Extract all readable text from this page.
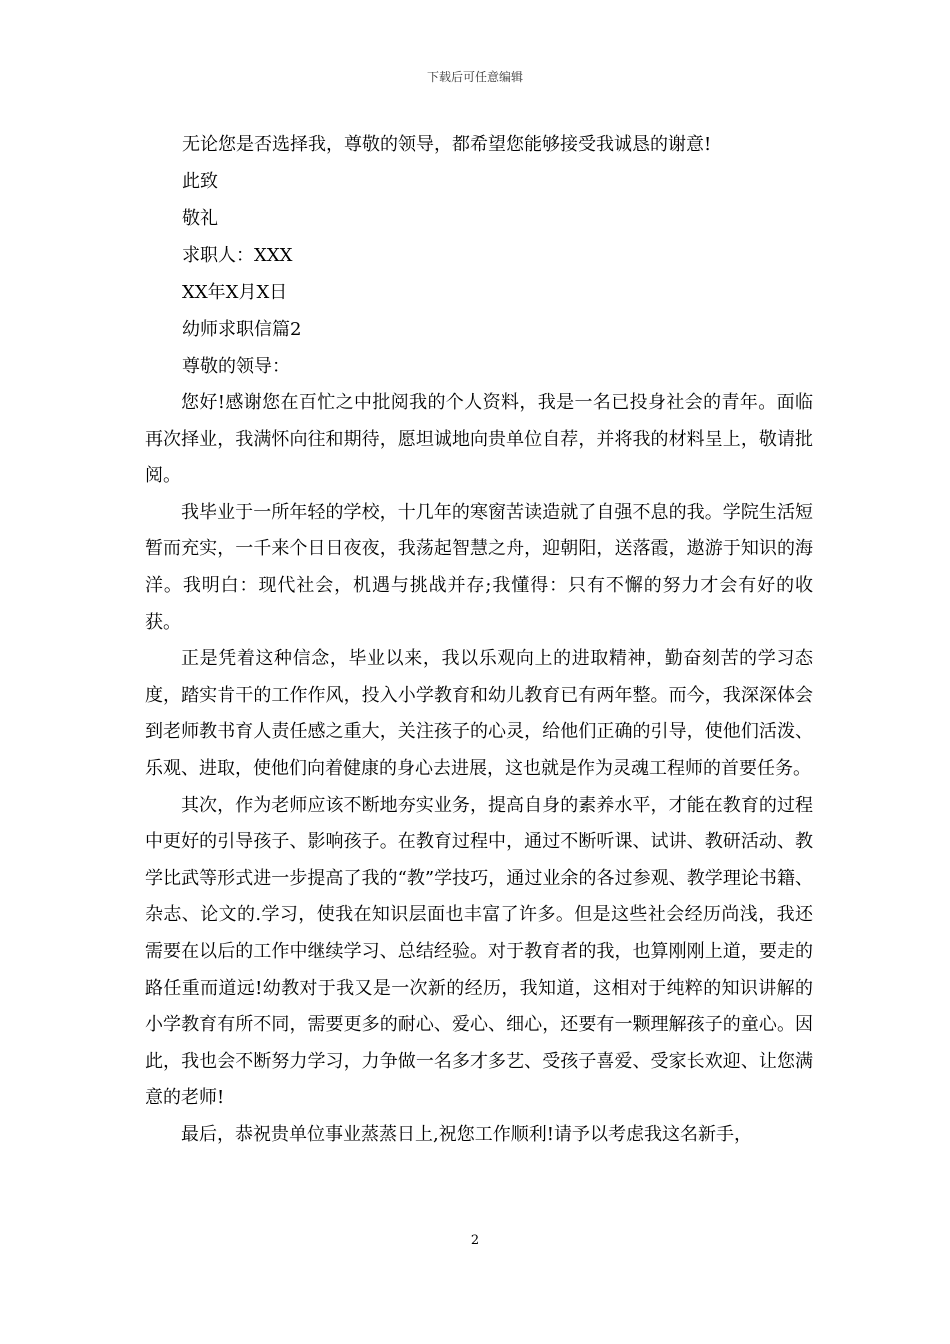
下载后可任意编辑

无论您是否选择我，尊敬的领导，都希望您能够接受我诚恳的谢意!

此致

敬礼

求职人：XXX

XX年X月X日

幼师求职信篇2

尊敬的领导：

您好!感谢您在百忙之中批阅我的个人资料，我是一名已投身社会的青年。面临再次择业，我满怀向往和期待，愿坦诚地向贵单位自荐，并将我的材料呈上，敬请批阅。

我毕业于一所年轻的学校，十几年的寒窗苦读造就了自强不息的我。学院生活短暂而充实，一千来个日日夜夜，我荡起智慧之舟，迎朝阳，送落霞，遨游于知识的海洋。我明白：现代社会，机遇与挑战并存;我懂得：只有不懈的努力才会有好的收获。

正是凭着这种信念，毕业以来，我以乐观向上的进取精神，勤奋刻苦的学习态度，踏实肯干的工作作风，投入小学教育和幼儿教育已有两年整。而今，我深深体会到老师教书育人责任感之重大，关注孩子的心灵，给他们正确的引导，使他们活泼、乐观、进取，使他们向着健康的身心去进展，这也就是作为灵魂工程师的首要任务。

其次，作为老师应该不断地夯实业务，提高自身的素养水平，才能在教育的过程中更好的引导孩子、影响孩子。在教育过程中，通过不断听课、试讲、教研活动、教学比武等形式进一步提高了我的“教”学技巧，通过业余的各过参观、教学理论书籍、杂志、论文的.学习，使我在知识层面也丰富了许多。但是这些社会经历尚浅，我还需要在以后的工作中继续学习、总结经验。对于教育者的我，也算刚刚上道，要走的路任重而道远!幼教对于我又是一次新的经历，我知道，这相对于纯粹的知识讲解的小学教育有所不同，需要更多的耐心、爱心、细心，还要有一颗理解孩子的童心。因此，我也会不断努力学习，力争做一名多才多艺、受孩子喜爱、受家长欢迎、让您满意的老师!

最后，恭祝贵单位事业蒸蒸日上,祝您工作顺利!请予以考虑我这名新手，

2
